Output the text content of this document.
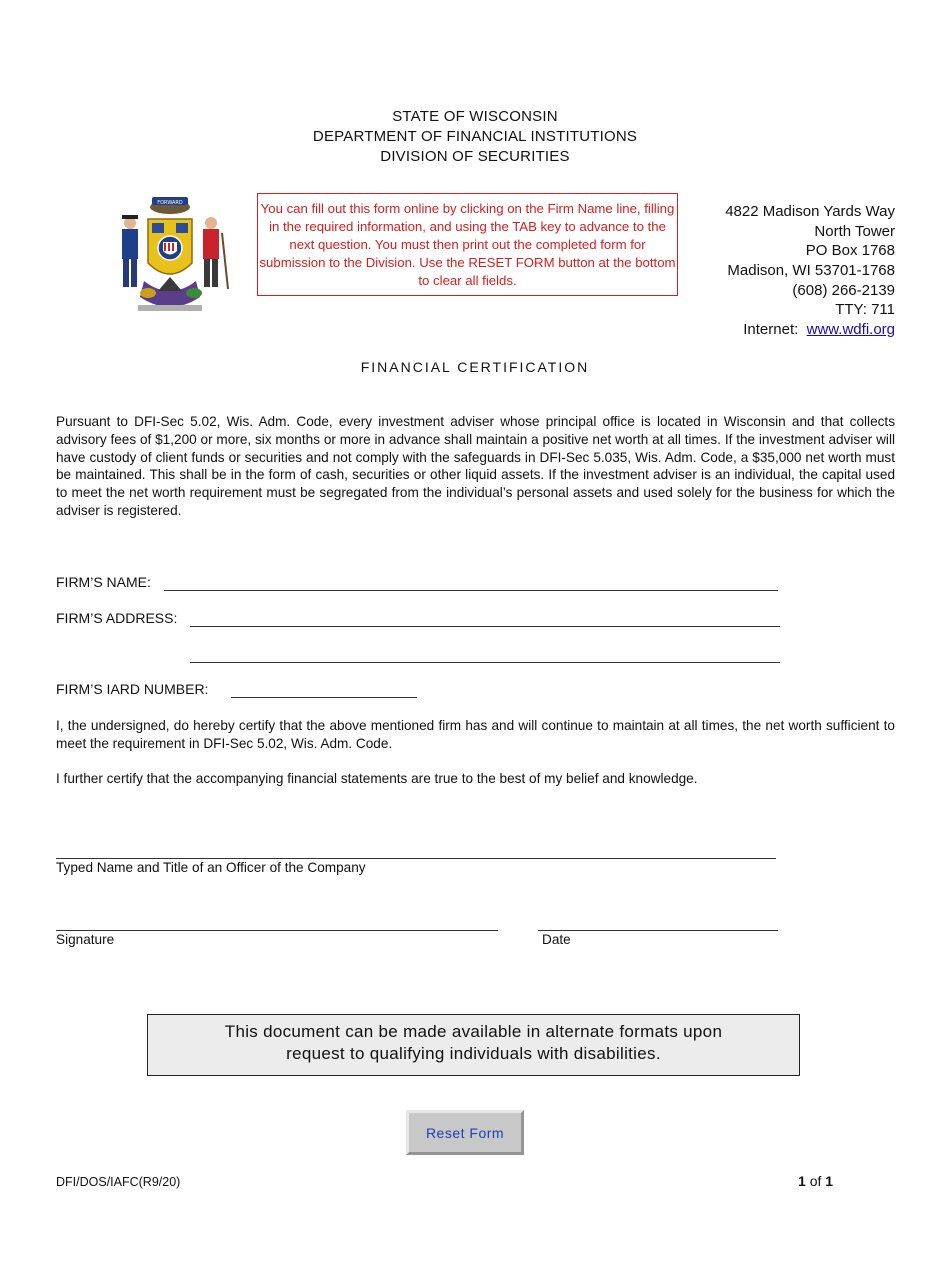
STATE OF WISCONSIN
DEPARTMENT OF FINANCIAL INSTITUTIONS
DIVISION OF SECURITIES
FORWARD	You can fill out this form online by clicking on the Firm Name line, filling in the required information, and using the TAB key to advance to the next question. You must then print out the completed form for submission to the Division. Use the RESET FORM button at the bottom to clear all fields.
4822 Madison Yards Way
North Tower
PO Box 1768
Madison, WI 53701-1768
(608) 266-2139
TTY: 711
Internet: www.wdfi.org
FINANCIAL CERTIFICATION
Pursuant to DFI-Sec 5.02, Wis. Adm. Code, every investment adviser whose principal office is located in Wisconsin and that collects advisory fees of $1,200 or more, six months or more in advance shall maintain a positive net worth at all times. If the investment adviser will have custody of client funds or securities and not comply with the safeguards in DFI-Sec 5.035, Wis. Adm. Code, a $35,000 net worth must be maintained. This shall be in the form of cash, securities or other liquid assets. If the investment adviser is an individual, the capital used to meet the net worth requirement must be segregated from the individual’s personal assets and used solely for the business for which the adviser is registered.
FIRM’S NAME:
FIRM’S ADDRESS:
FIRM’S IARD NUMBER:
I, the undersigned, do hereby certify that the above mentioned firm has and will continue to maintain at all times, the net worth sufficient to meet the requirement in DFI-Sec 5.02, Wis. Adm. Code.
I further certify that the accompanying financial statements are true to the best of my belief and knowledge.
Typed Name and Title of an Officer of the Company
Signature	Date
This document can be made available in alternate formats upon
request to qualifying individuals with disabilities.
Reset Form
DFI/DOS/IAFC(R9/20)	1 of 1
